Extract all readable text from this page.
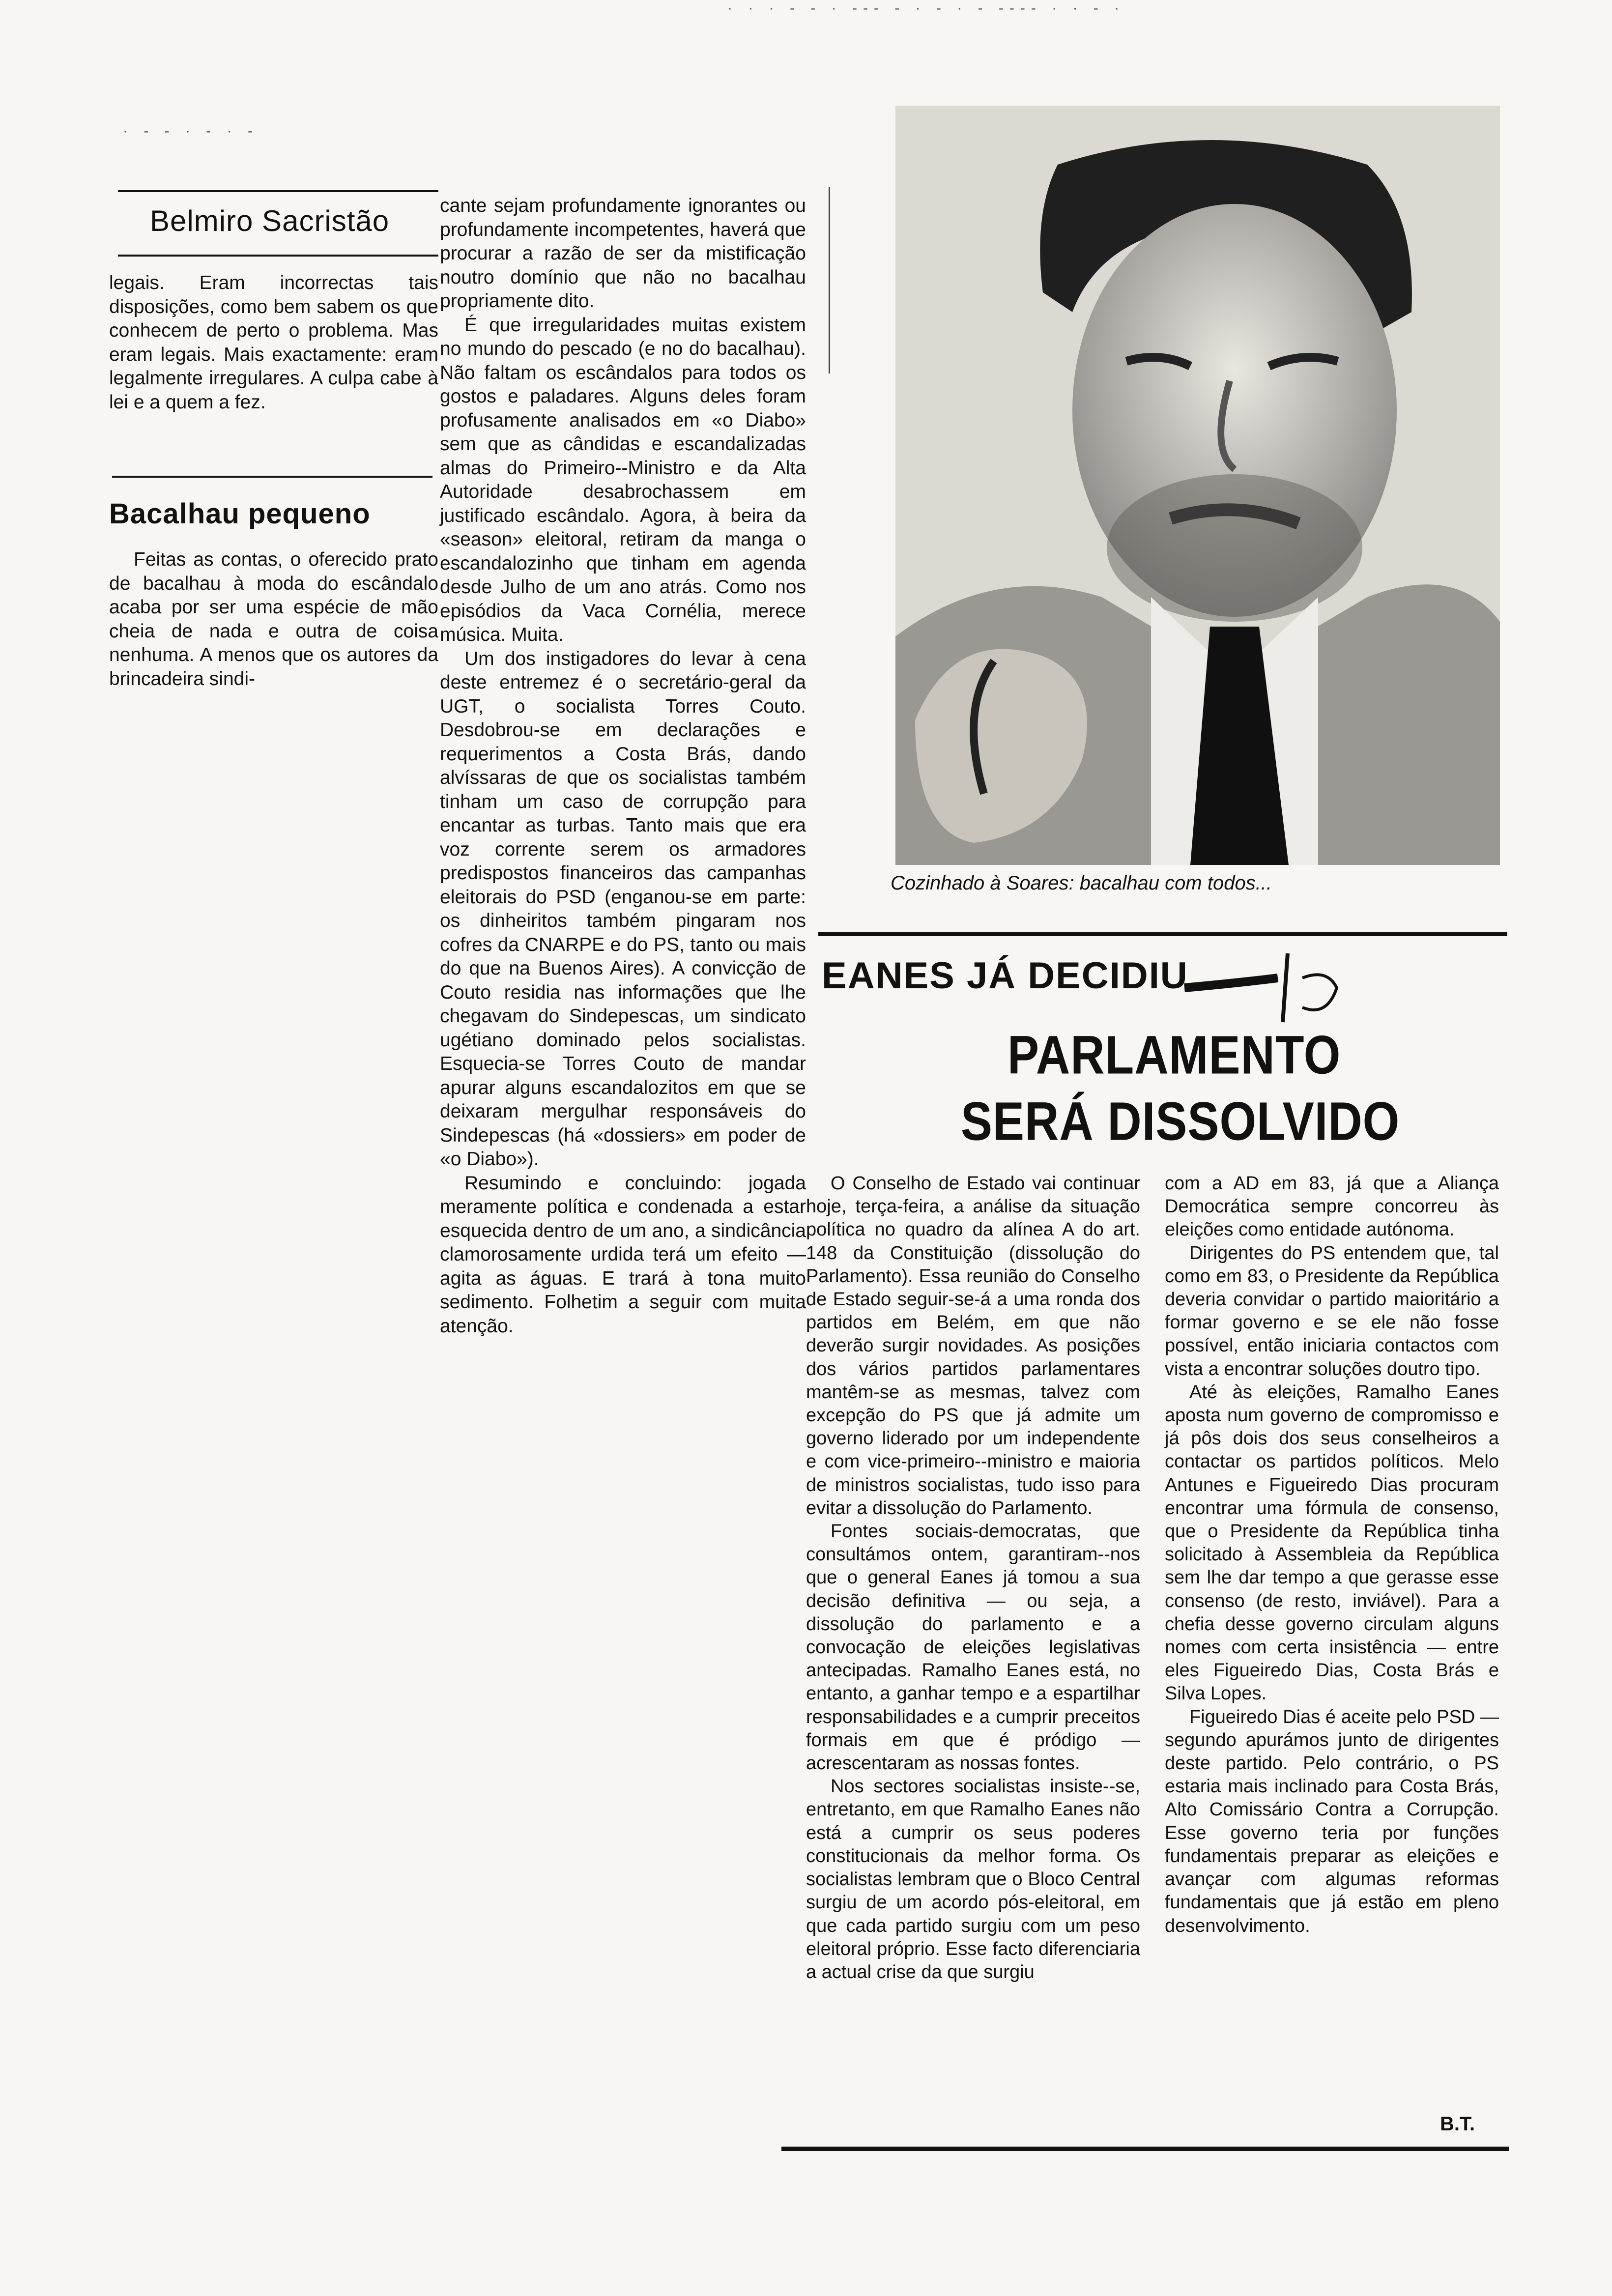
· · · ‐ ‐ · ‐‐‐ ‐ · ‐ · ‐ ‐‐‐‐ · · ‐ ·
· ‐ ‐ · ‐ · ‐
Belmiro Sacristão

legais. Eram incorrectas tais disposições, como bem sabem os que conhecem de perto o problema. Mas eram legais. Mais exactamente: eram legalmente irregulares. A culpa cabe à lei e a quem a fez.

Bacalhau pequeno

Feitas as contas, o oferecido prato de bacalhau à moda do escândalo acaba por ser uma espécie de mão cheia de nada e outra de coisa nenhuma. A menos que os autores da brincadeira sindi-

cante sejam profundamente ignorantes ou profundamente incompetentes, haverá que procurar a razão de ser da mistificação noutro domínio que não no bacalhau propriamente dito.

É que irregularidades muitas existem no mundo do pescado (e no do bacalhau). Não faltam os escândalos para todos os gostos e paladares. Alguns deles foram profusamente analisados em «o Diabo» sem que as cândidas e escandalizadas almas do Primeiro--Ministro e da Alta Autoridade desabrochassem em justificado escândalo. Agora, à beira da «season» eleitoral, retiram da manga o escandalozinho que tinham em agenda desde Julho de um ano atrás. Como nos episódios da Vaca Cornélia, merece música. Muita.

Um dos instigadores do levar à cena deste entremez é o secretário-geral da UGT, o socialista Torres Couto. Desdobrou-se em declarações e requerimentos a Costa Brás, dando alvíssaras de que os socialistas também tinham um caso de corrupção para encantar as turbas. Tanto mais que era voz corrente serem os armadores predispostos financeiros das campanhas eleitorais do PSD (enganou-se em parte: os dinheiritos também pingaram nos cofres da CNARPE e do PS, tanto ou mais do que na Buenos Aires). A convicção de Couto residia nas informações que lhe chegavam do Sindepescas, um sindicato ugétiano dominado pelos socialistas. Esquecia-se Torres Couto de mandar apurar alguns escandalozitos em que se deixaram mergulhar responsáveis do Sindepescas (há «dossiers» em poder de «o Diabo»).

Resumindo e concluindo: jogada meramente política e condenada a estar esquecida dentro de um ano, a sindicância clamorosamente urdida terá um efeito — agita as águas. E trará à tona muito sedimento. Folhetim a seguir com muita atenção.

Cozinhado à Soares: bacalhau com todos...
EANES JÁ DECIDIU
PARLAMENTO
SERÁ DISSOLVIDO

O Conselho de Estado vai continuar hoje, terça-feira, a análise da situação política no quadro da alínea A do art. 148 da Constituição (dissolução do Parlamento). Essa reunião do Conselho de Estado seguir-se-á a uma ronda dos partidos em Belém, em que não deverão surgir novidades. As posições dos vários partidos parlamentares mantêm-se as mesmas, talvez com excepção do PS que já admite um governo liderado por um independente e com vice-primeiro--ministro e maioria de ministros socialistas, tudo isso para evitar a dissolução do Parlamento.

Fontes sociais-democratas, que consultámos ontem, garantiram--nos que o general Eanes já tomou a sua decisão definitiva — ou seja, a dissolução do parlamento e a convocação de eleições legislativas antecipadas. Ramalho Eanes está, no entanto, a ganhar tempo e a espartilhar responsabilidades e a cumprir preceitos formais em que é pródigo — acrescentaram as nossas fontes.

Nos sectores socialistas insiste--se, entretanto, em que Ramalho Eanes não está a cumprir os seus poderes constitucionais da melhor forma. Os socialistas lembram que o Bloco Central surgiu de um acordo pós-eleitoral, em que cada partido surgiu com um peso eleitoral próprio. Esse facto diferenciaria a actual crise da que surgiu

com a AD em 83, já que a Aliança Democrática sempre concorreu às eleições como entidade autónoma.

Dirigentes do PS entendem que, tal como em 83, o Presidente da República deveria convidar o partido maioritário a formar governo e se ele não fosse possível, então iniciaria contactos com vista a encontrar soluções doutro tipo.

Até às eleições, Ramalho Eanes aposta num governo de compromisso e já pôs dois dos seus conselheiros a contactar os partidos políticos. Melo Antunes e Figueiredo Dias procuram encontrar uma fórmula de consenso, que o Presidente da República tinha solicitado à Assembleia da República sem lhe dar tempo a que gerasse esse consenso (de resto, inviável). Para a chefia desse governo circulam alguns nomes com certa insistência — entre eles Figueiredo Dias, Costa Brás e Silva Lopes.

Figueiredo Dias é aceite pelo PSD — segundo apurámos junto de dirigentes deste partido. Pelo contrário, o PS estaria mais inclinado para Costa Brás, Alto Comissário Contra a Corrupção. Esse governo teria por funções fundamentais preparar as eleições e avançar com algumas reformas fundamentais que já estão em pleno desenvolvimento.

B.T.
